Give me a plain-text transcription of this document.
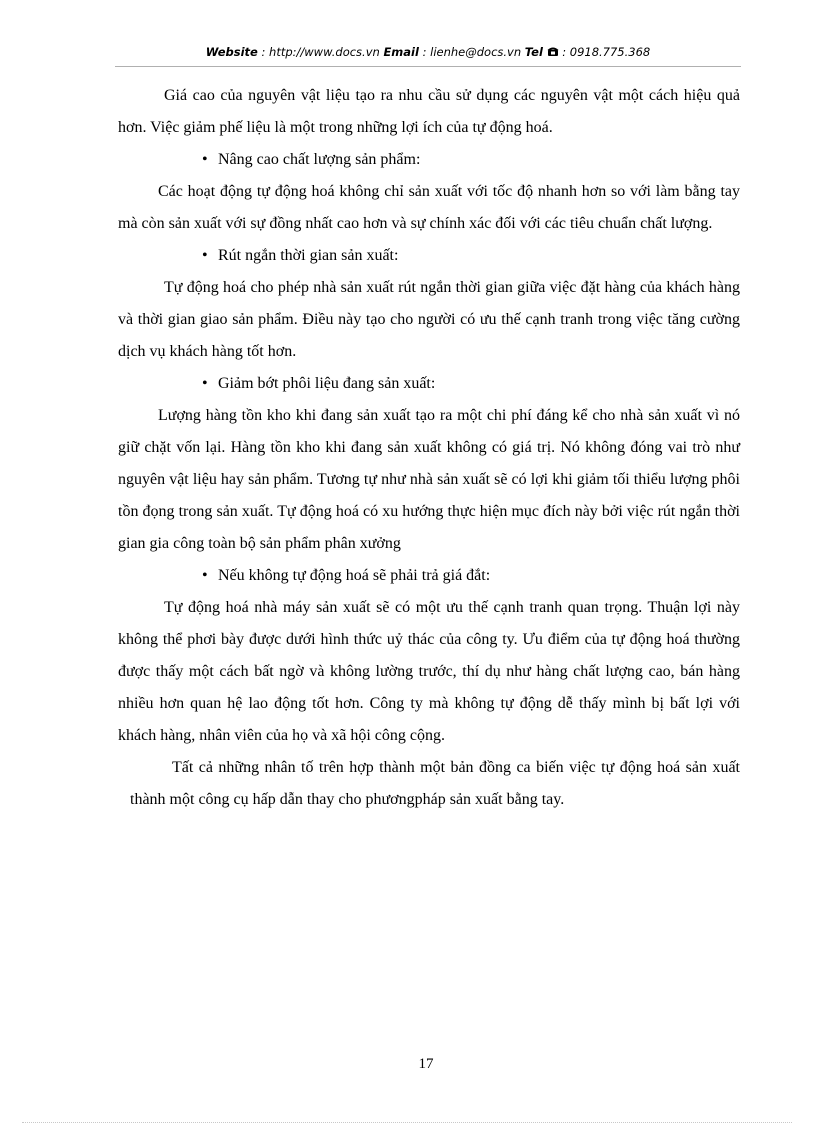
Website : http://www.docs.vn Email : lienhe@docs.vn Tel  : 0918.775.368

Giá cao của nguyên vật liệu tạo ra nhu cầu sử dụng các nguyên vật một cách hiệu quả hơn. Việc giảm phế liệu là một trong những lợi ích của tự động hoá.

• Nâng cao chất lượng sản phẩm:

Các hoạt động tự động hoá không chỉ sản xuất với tốc độ nhanh hơn so với làm bằng tay mà còn sản xuất với sự đồng nhất cao hơn và sự chính xác đối với các tiêu chuẩn chất lượng.

• Rút ngắn thời gian sản xuất:

Tự động hoá cho phép nhà sản xuất rút ngắn thời gian giữa việc đặt hàng của khách hàng và thời gian giao sản phẩm. Điều này tạo cho người có ưu thế cạnh tranh trong việc tăng cường dịch vụ khách hàng tốt hơn.

• Giảm bớt phôi liệu đang sản xuất:

Lượng hàng tồn kho khi đang sản xuất tạo ra một chi phí đáng kể cho nhà sản xuất vì nó giữ chặt vốn lại. Hàng tồn kho khi đang sản xuất không có giá trị. Nó không đóng vai trò như nguyên vật liệu hay sản phẩm. Tương tự như nhà sản xuất sẽ có lợi khi giảm tối thiểu lượng phôi tồn đọng trong sản xuất. Tự động hoá có xu hướng thực hiện mục đích này bởi việc rút ngắn thời gian gia công toàn bộ sản phẩm phân xưởng

• Nếu không tự động hoá sẽ phải trả giá đắt:

Tự động hoá nhà máy sản xuất sẽ có một ưu thế cạnh tranh quan trọng. Thuận lợi này không thể phơi bày được dưới hình thức uỷ thác của công ty. Ưu điểm của tự động hoá thường được thấy một cách bất ngờ và không lường trước, thí dụ như hàng chất lượng cao, bán hàng nhiều hơn quan hệ lao động tốt hơn. Công ty mà không tự động dễ thấy mình bị bất lợi với khách hàng, nhân viên của họ và xã hội công cộng.

Tất cả những nhân tố trên hợp thành một bản đồng ca biến việc tự động hoá sản xuất thành một công cụ hấp dẫn thay cho phươngpháp sản xuất bằng tay.

17
